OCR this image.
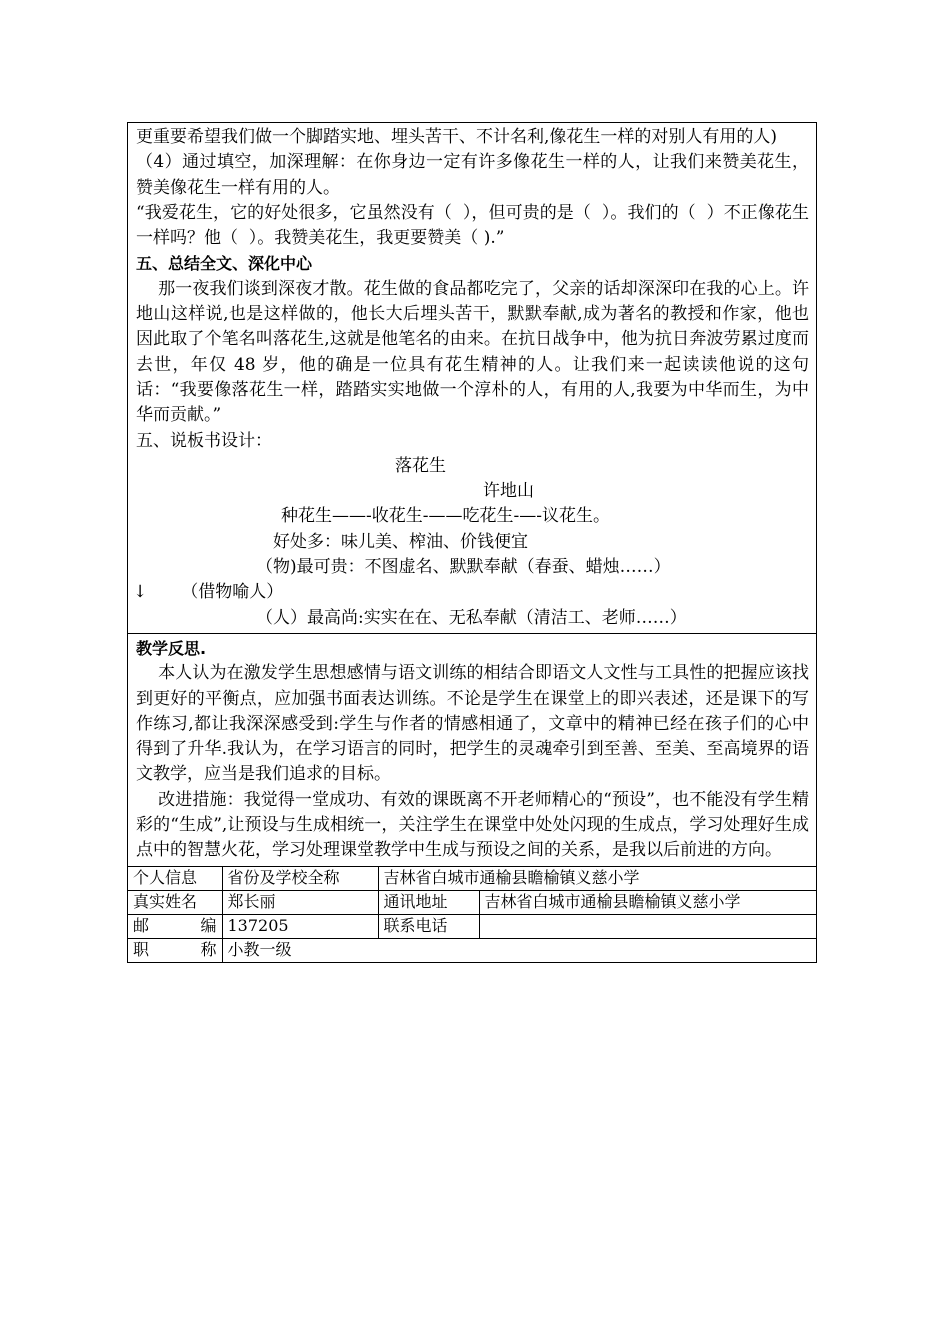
更重要希望我们做一个脚踏实地、埋头苦干、不计名利,像花生一样的对别人有用的人)

（4）通过填空，加深理解：在你身边一定有许多像花生一样的人，让我们来赞美花生，赞美像花生一样有用的人。

“我爱花生，它的好处很多，它虽然没有（  ），但可贵的是（  ）。我们的（  ）不正像花生一样吗？他（  ）。我赞美花生，我更要赞美（ ).”

五、总结全文、深化中心

那一夜我们谈到深夜才散。花生做的食品都吃完了，父亲的话却深深印在我的心上。许地山这样说,也是这样做的，他长大后埋头苦干，默默奉献,成为著名的教授和作家，他也因此取了个笔名叫落花生,这就是他笔名的由来。在抗日战争中，他为抗日奔波劳累过度而去世，年仅 48 岁，他的确是一位具有花生精神的人。让我们来一起读读他说的这句话：“我要像落花生一样，踏踏实实地做一个淳朴的人，有用的人,我要为中华而生，为中华而贡献。”

五、说板书设计：

落花生

许地山

种花生——-收花生-——吃花生-—-议花生。

好处多：味儿美、榨油、价钱便宜

（物)最可贵：不图虚名、默默奉献（春蚕、蜡烛……）

↓ （借物喻人）

（人）最高尚:实实在在、无私奉献（清洁工、老师……）

教学反思.

本人认为在激发学生思想感情与语文训练的相结合即语文人文性与工具性的把握应该找到更好的平衡点，应加强书面表达训练。不论是学生在课堂上的即兴表述，还是课下的写作练习,都让我深深感受到:学生与作者的情感相通了，文章中的精神已经在孩子们的心中得到了升华.我认为，在学习语言的同时，把学生的灵魂牵引到至善、至美、至高境界的语文教学，应当是我们追求的目标。

改进措施：我觉得一堂成功、有效的课既离不开老师精心的“预设”，也不能没有学生精彩的“生成”,让预设与生成相统一，关注学生在课堂中处处闪现的生成点，学习处理好生成点中的智慧火花，学习处理课堂教学中生成与预设之间的关系，是我以后前进的方向。

个人信息	省份及学校全称	吉林省白城市通榆县瞻榆镇义慈小学	
真实姓名	郑长丽	通讯地址	吉林省白城市通榆县瞻榆镇义慈小学

邮 编	137205	联系电话	

职 称	小教一级		
